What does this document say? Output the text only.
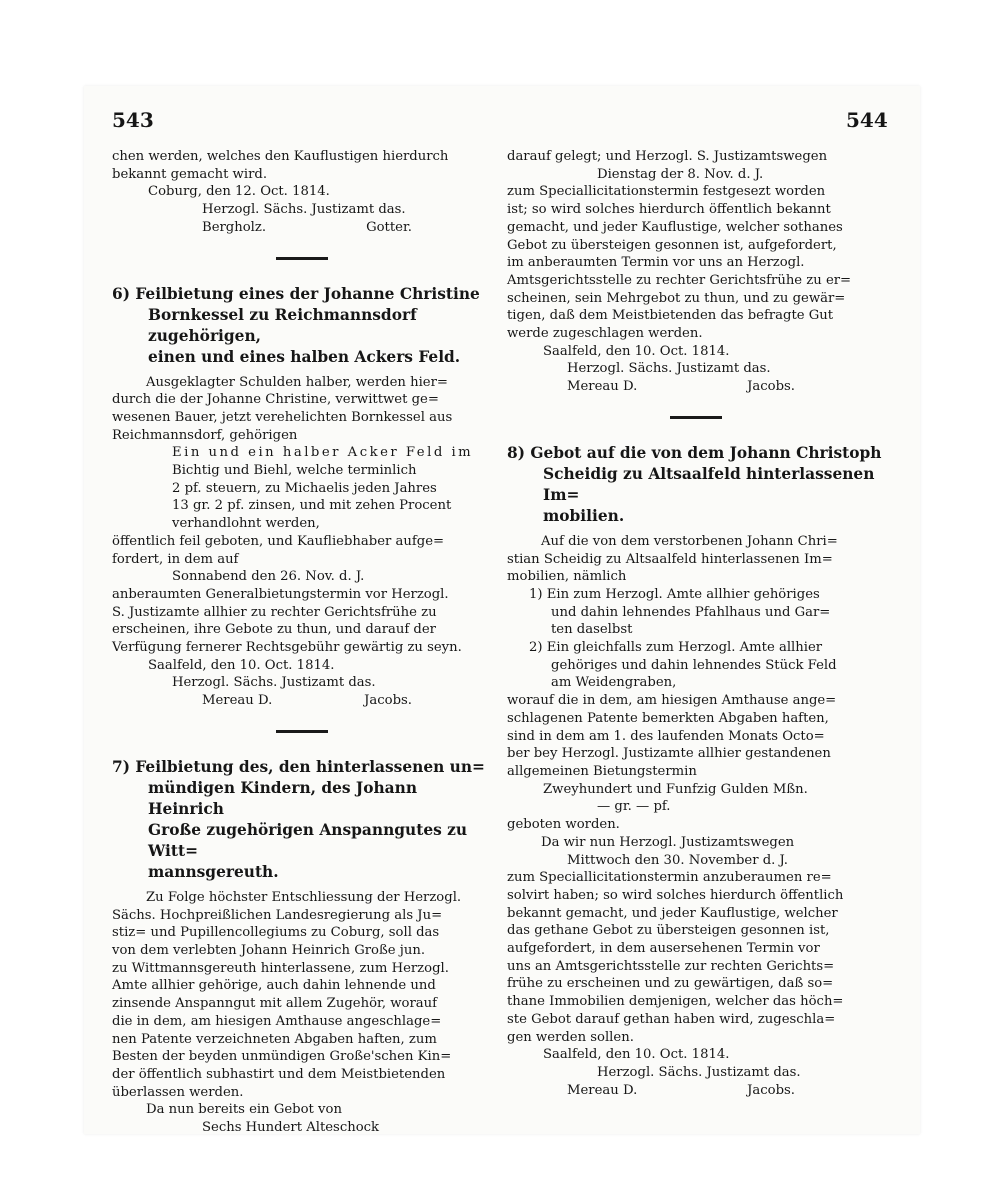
543	544

chen werden, welches den Kauflustigen hierdurch

bekannt gemacht wird.

Coburg, den 12. Oct. 1814.

Herzogl. Sächs. Justizamt das.

Bergholz.	Gotter.

6) Feilbietung eines der Johanne Christine

Bornkessel zu Reichmannsdorf zugehörigen,

einen und eines halben Ackers Feld.

Ausgeklagter Schulden halber, werden hier=

durch die der Johanne Christine, verwittwet ge=

wesenen Bauer, jetzt verehelichten Bornkessel aus

Reichmannsdorf, gehörigen

Ein und ein halber Acker Feld im

Bichtig und Biehl, welche terminlich

2 pf. steuern, zu Michaelis jeden Jahres

13 gr. 2 pf. zinsen, und mit zehen Procent

verhandlohnt werden,

öffentlich feil geboten, und Kaufliebhaber aufge=

fordert, in dem auf

Sonnabend den 26. Nov. d. J.

anberaumten Generalbietungstermin vor Herzogl.

S. Justizamte allhier zu rechter Gerichtsfrühe zu

erscheinen, ihre Gebote zu thun, und darauf der

Verfügung fernerer Rechtsgebühr gewärtig zu seyn.

Saalfeld, den 10. Oct. 1814.

Herzogl. Sächs. Justizamt das.

Mereau D.	Jacobs.

7) Feilbietung des, den hinterlassenen un=

mündigen Kindern, des Johann Heinrich

Große zugehörigen Anspanngutes zu Witt=

mannsgereuth.

Zu Folge höchster Entschliessung der Herzogl.

Sächs. Hochpreißlichen Landesregierung als Ju=

stiz= und Pupillencollegiums zu Coburg, soll das

von dem verlebten Johann Heinrich Große jun.

zu Wittmannsgereuth hinterlassene, zum Herzogl.

Amte allhier gehörige, auch dahin lehnende und

zinsende Anspanngut mit allem Zugehör, worauf

die in dem, am hiesigen Amthause angeschlage=

nen Patente verzeichneten Abgaben haften, zum

Besten der beyden unmündigen Große'schen Kin=

der öffentlich subhastirt und dem Meistbietenden

überlassen werden.

Da nun bereits ein Gebot von

Sechs Hundert Alteschock

darauf gelegt; und Herzogl. S. Justizamtswegen

Dienstag der 8. Nov. d. J.

zum Speciallicitationstermin festgesezt worden

ist; so wird solches hierdurch öffentlich bekannt

gemacht, und jeder Kauflustige, welcher sothanes

Gebot zu übersteigen gesonnen ist, aufgefordert,

im anberaumten Termin vor uns an Herzogl.

Amtsgerichtsstelle zu rechter Gerichtsfrühe zu er=

scheinen, sein Mehrgebot zu thun, und zu gewär=

tigen, daß dem Meistbietenden das befragte Gut

werde zugeschlagen werden.

Saalfeld, den 10. Oct. 1814.

Herzogl. Sächs. Justizamt das.

Mereau D.	Jacobs.

8) Gebot auf die von dem Johann Christoph

Scheidig zu Altsaalfeld hinterlassenen Im=

mobilien.

Auf die von dem verstorbenen Johann Chri=

stian Scheidig zu Altsaalfeld hinterlassenen Im=

mobilien, nämlich

1) Ein zum Herzogl. Amte allhier gehöriges

und dahin lehnendes Pfahlhaus und Gar=

ten daselbst

2) Ein gleichfalls zum Herzogl. Amte allhier

gehöriges und dahin lehnendes Stück Feld

am Weidengraben,

worauf die in dem, am hiesigen Amthause ange=

schlagenen Patente bemerkten Abgaben haften,

sind in dem am 1. des laufenden Monats Octo=

ber bey Herzogl. Justizamte allhier gestandenen

allgemeinen Bietungstermin

Zweyhundert und Funfzig Gulden Mßn.

— gr. — pf.

geboten worden.

Da wir nun Herzogl. Justizamtswegen

Mittwoch den 30. November d. J.

zum Speciallicitationstermin anzuberaumen re=

solvirt haben; so wird solches hierdurch öffentlich

bekannt gemacht, und jeder Kauflustige, welcher

das gethane Gebot zu übersteigen gesonnen ist,

aufgefordert, in dem ausersehenen Termin vor

uns an Amtsgerichtsstelle zur rechten Gerichts=

frühe zu erscheinen und zu gewärtigen, daß so=

thane Immobilien demjenigen, welcher das höch=

ste Gebot darauf gethan haben wird, zugeschla=

gen werden sollen.

Saalfeld, den 10. Oct. 1814.

Herzogl. Sächs. Justizamt das.

Mereau D.	Jacobs.
